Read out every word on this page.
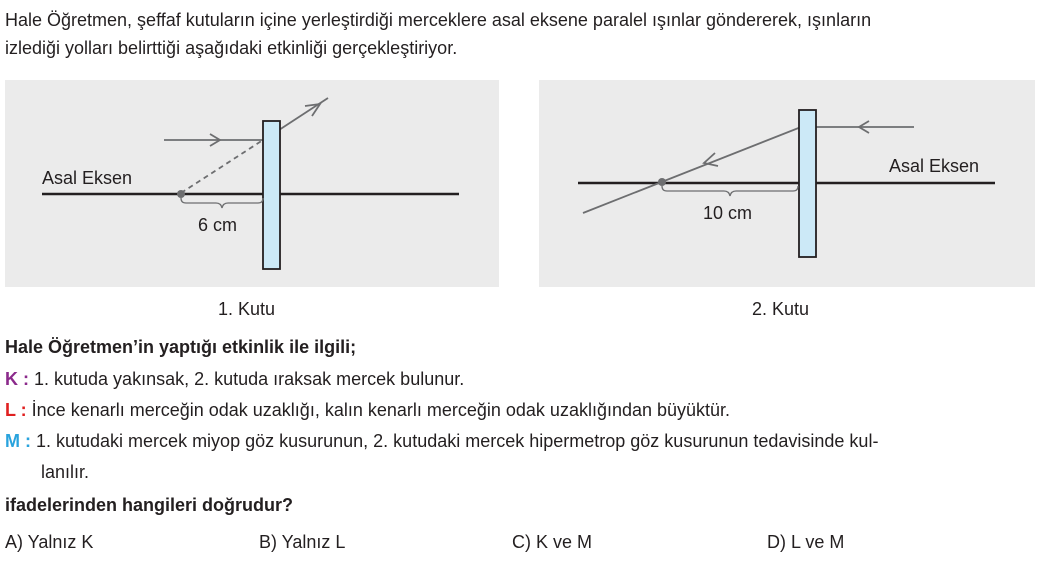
Hale Öğretmen, şeffaf kutuların içine yerleştirdiği merceklere asal eksene paralel ışınlar göndererek, ışınların
izlediği yolları belirttiği aşağıdaki etkinliği gerçekleştiriyor.
Asal Eksen
6 cm
1. Kutu
Asal Eksen
10 cm
2. Kutu
Hale Öğretmen’in yaptığı etkinlik ile ilgili;
K : 1. kutuda yakınsak, 2. kutuda ıraksak mercek bulunur.
L : İnce kenarlı merceğin odak uzaklığı, kalın kenarlı merceğin odak uzaklığından büyüktür.
M : 1. kutudaki mercek miyop göz kusurunun, 2. kutudaki mercek hipermetrop göz kusurunun tedavisinde kul-
lanılır.
ifadelerinden hangileri doğrudur?
A) Yalnız K	B) Yalnız L	C) K ve M	D) L ve M
